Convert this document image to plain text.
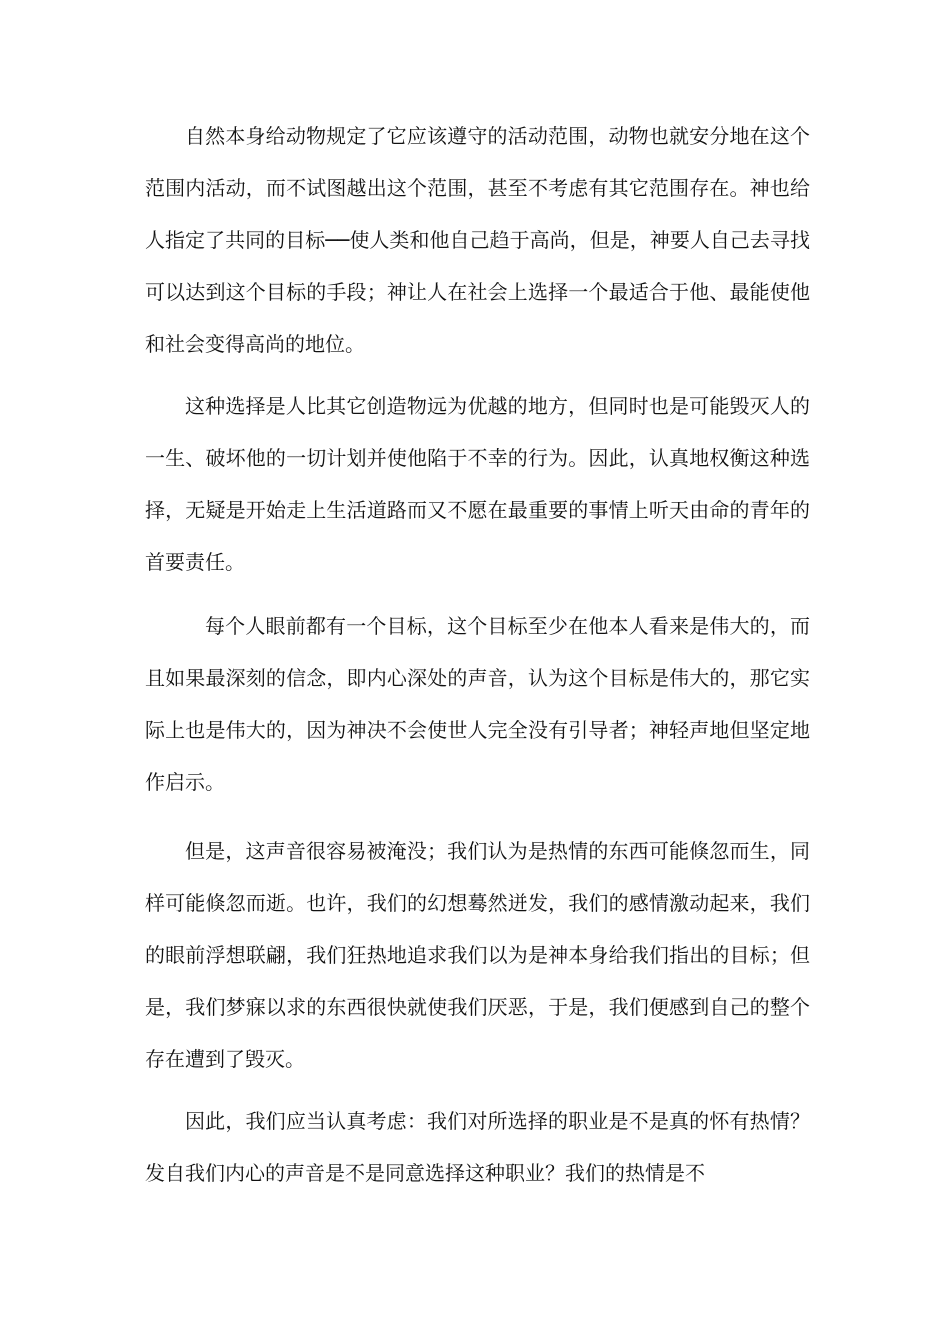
自然本身给动物规定了它应该遵守的活动范围，动物也就安分地在这个范围内活动，而不试图越出这个范围，甚至不考虑有其它范围存在。神也给人指定了共同的目标──使人类和他自己趋于高尚，但是，神要人自己去寻找可以达到这个目标的手段；神让人在社会上选择一个最适合于他、最能使他和社会变得高尚的地位。

这种选择是人比其它创造物远为优越的地方，但同时也是可能毁灭人的一生、破坏他的一切计划并使他陷于不幸的行为。因此，认真地权衡这种选择，无疑是开始走上生活道路而又不愿在最重要的事情上听天由命的青年的首要责任。

每个人眼前都有一个目标，这个目标至少在他本人看来是伟大的，而且如果最深刻的信念，即内心深处的声音，认为这个目标是伟大的，那它实际上也是伟大的，因为神决不会使世人完全没有引导者；神轻声地但坚定地作启示。

但是，这声音很容易被淹没；我们认为是热情的东西可能倏忽而生，同样可能倏忽而逝。也许，我们的幻想蓦然迸发，我们的感情激动起来，我们的眼前浮想联翩，我们狂热地追求我们以为是神本身给我们指出的目标；但是，我们梦寐以求的东西很快就使我们厌恶，于是，我们便感到自己的整个存在遭到了毁灭。

因此，我们应当认真考虑：我们对所选择的职业是不是真的怀有热情？发自我们内心的声音是不是同意选择这种职业？我们的热情是不
